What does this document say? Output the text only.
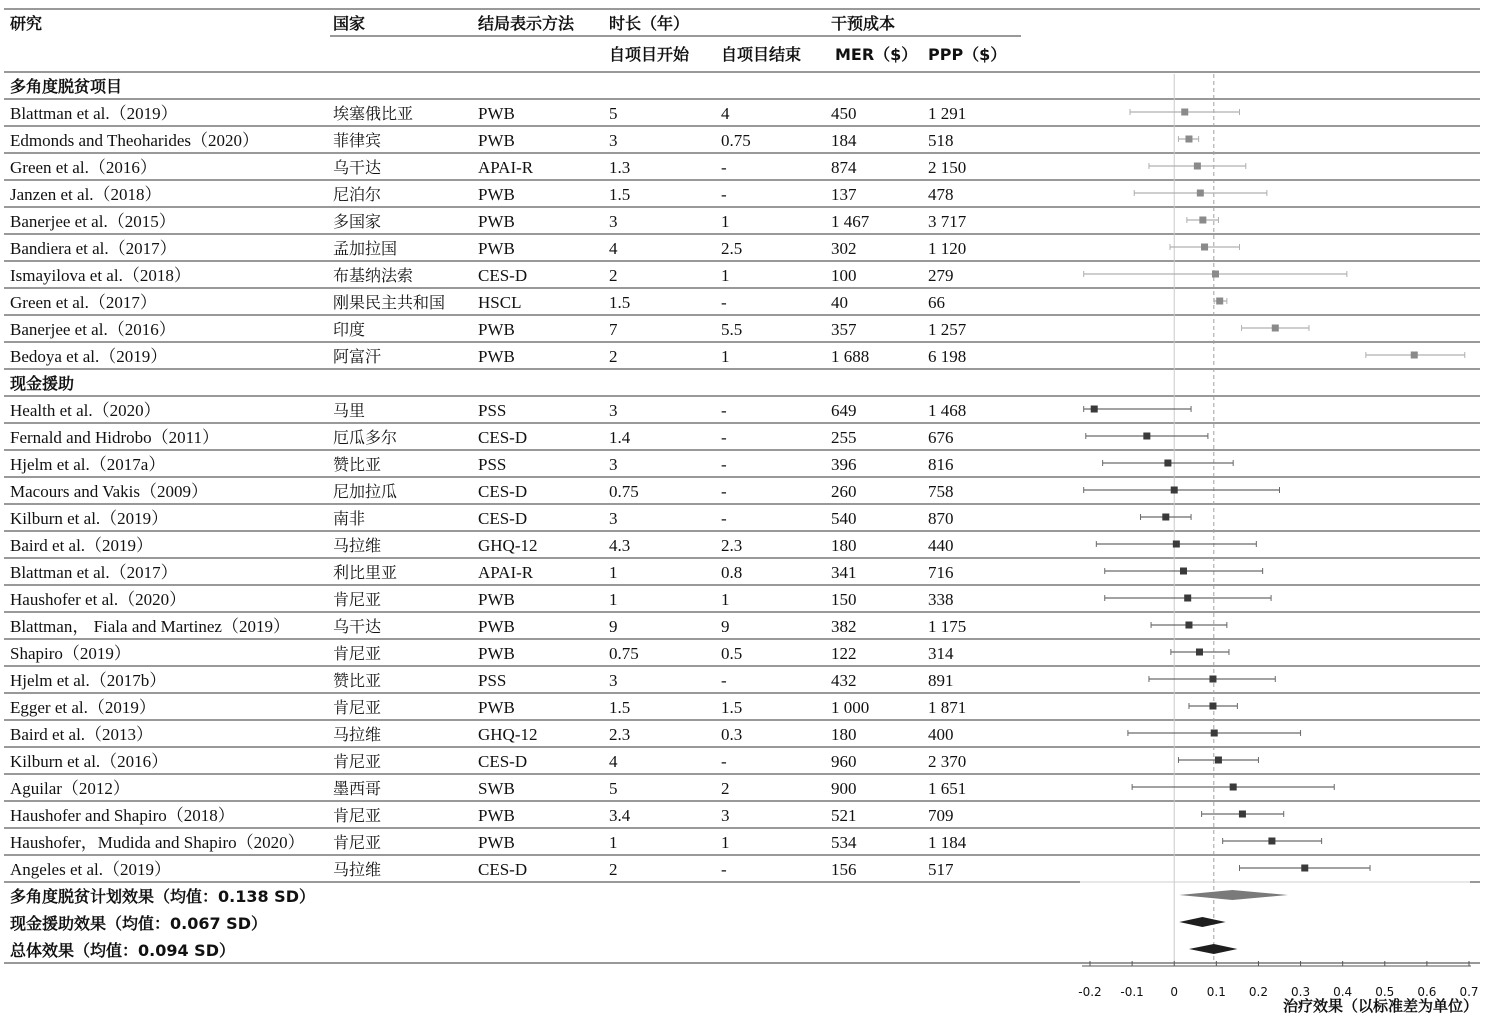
研究	国家	结局表示方法 时长（年）	干预成本
自项目开始 自项目结束 MER（$） PPP（$）
多角度脱贫项目
Blattman et al.（2019）	埃塞俄比亚	PWB	5	4	450	1 291
Edmonds and Theoharides（2020）	菲律宾	PWB	3	0.75	184	518
Green et al.（2016）	乌干达	APAI-R	1.3	-	874	2 150
Janzen et al.（2018）	尼泊尔	PWB	1.5	-	137	478
Banerjee et al.（2015）	多国家	PWB	3	1	1 467	3 717
Bandiera et al.（2017）	孟加拉国	PWB	4	2.5	302	1 120
Ismayilova et al.（2018）	布基纳法索	CES-D	2	1	100	279
Green et al.（2017）	刚果民主共和国 HSCL	1.5	-	40	66
Banerjee et al.（2016）	印度	PWB	7	5.5	357	1 257
Bedoya et al.（2019）	阿富汗	PWB	2	1	1 688	6 198
现金援助
Health et al.（2020）	马里	PSS	3	-	649	1 468
Fernald and Hidrobo（2011）	厄瓜多尔	CES-D	1.4	-	255	676
Hjelm et al.（2017a）	赞比亚	PSS	3	-	396	816
Macours and Vakis（2009）	尼加拉瓜	CES-D	0.75	-	260	758
Kilburn et al.（2019）	南非	CES-D	3	-	540	870
Baird et al.（2019）	马拉维	GHQ-12	4.3	2.3	180	440
Blattman et al.（2017）	利比里亚	APAI-R	1	0.8	341	716
Haushofer et al.（2020）	肯尼亚	PWB	1	1	150	338
Blattman， Fiala and Martinez（2019）	乌干达	PWB	9	9	382	1 175
Shapiro（2019）	肯尼亚	PWB	0.75	0.5	122	314
Hjelm et al.（2017b）	赞比亚	PSS	3	-	432	891
Egger et al.（2019）	肯尼亚	PWB	1.5	1.5	1 000	1 871
Baird et al.（2013）	马拉维	GHQ-12	2.3	0.3	180	400
Kilburn et al.（2016）	肯尼亚	CES-D	4	-	960	2 370
Aguilar（2012）	墨西哥	SWB	5	2	900	1 651
Haushofer and Shapiro（2018）	肯尼亚	PWB	3.4	3	521	709
Haushofer，Mudida and Shapiro（2020） 肯尼亚	PWB	1	1	534	1 184
Angeles et al.（2019）	马拉维	CES-D	2	-	156	517
多角度脱贫计划效果（均值：0.138 SD）
现金援助效果（均值：0.067 SD）
总体效果（均值：0.094 SD）
-0.2 -0.1 0 0.1 0.2 0.3 0.4 0.5 0.6 0.7
治疗效果（以标准差为单位）
